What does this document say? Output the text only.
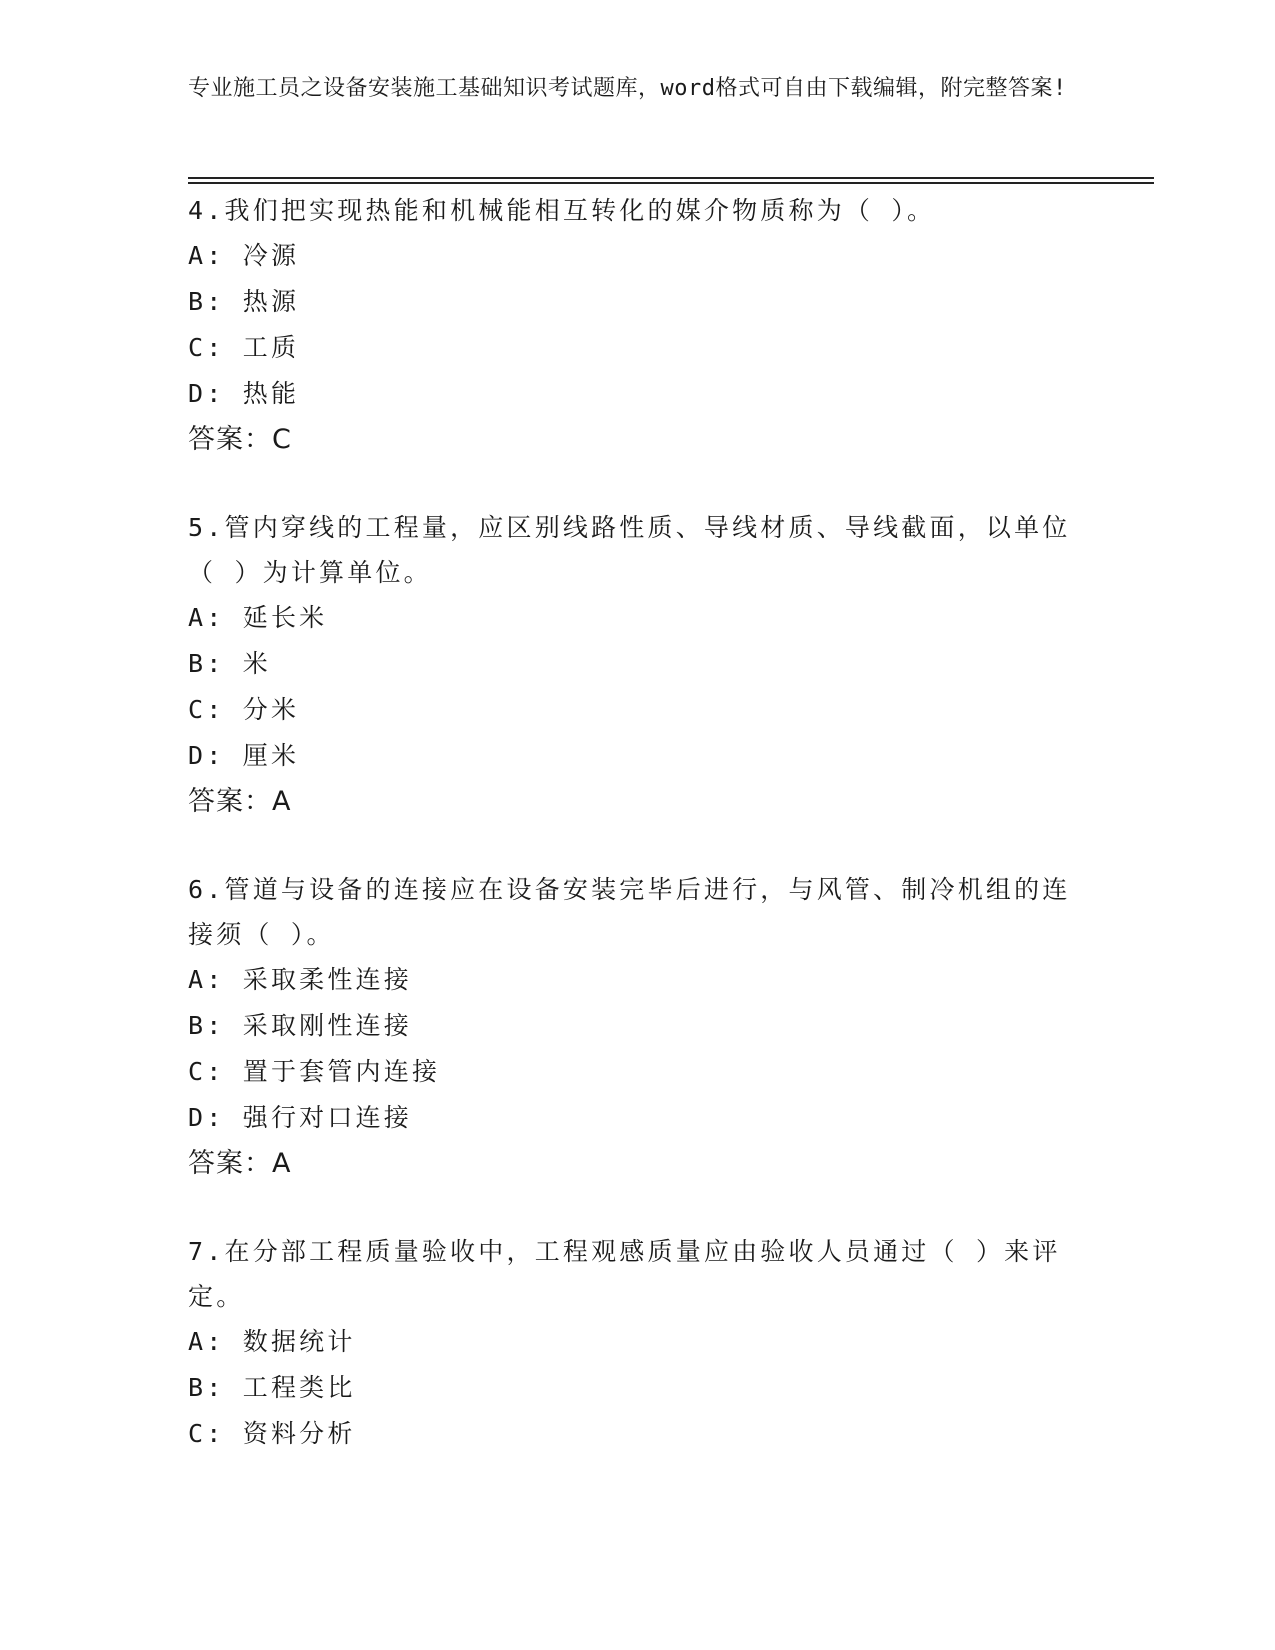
专业施工员之设备安装施工基础知识考试题库，word格式可自由下载编辑，附完整答案!

4.我们把实现热能和机械能相互转化的媒介物质称为（ ）。

A: 冷源

B: 热源

C: 工质

D: 热能

答案：C

5.管内穿线的工程量，应区别线路性质、导线材质、导线截面，以单位（ ）为计算单位。

A: 延长米

B: 米

C: 分米

D: 厘米

答案：A

6.管道与设备的连接应在设备安装完毕后进行，与风管、制冷机组的连接须（ ）。

A: 采取柔性连接

B: 采取刚性连接

C: 置于套管内连接

D: 强行对口连接

答案：A

7.在分部工程质量验收中，工程观感质量应由验收人员通过（ ）来评定。

A: 数据统计

B: 工程类比

C: 资料分析
